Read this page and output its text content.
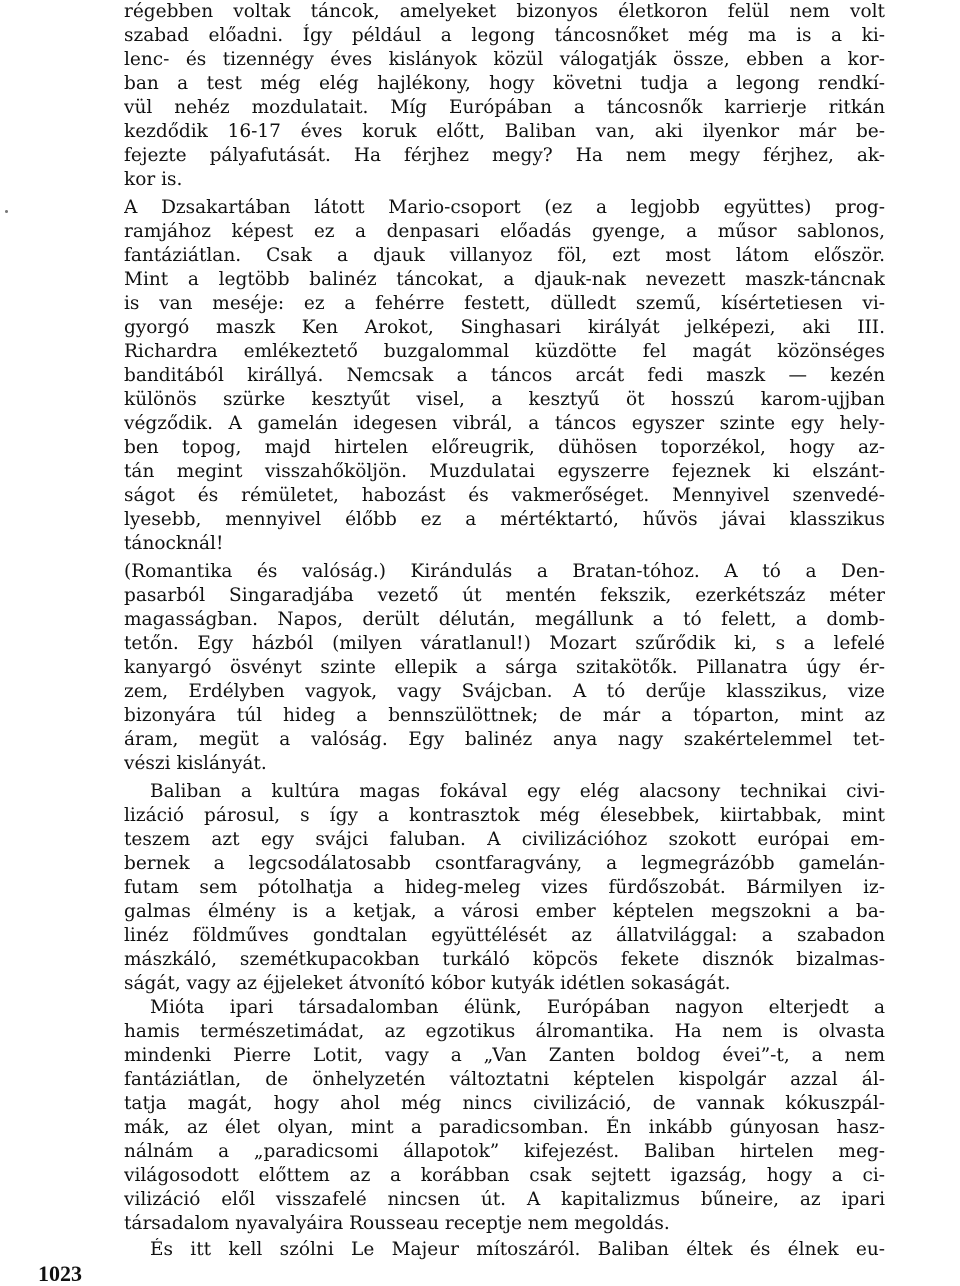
régebben voltak táncok, amelyeket bizonyos életkoron felül nem volt

szabad előadni. Így például a legong táncosnőket még ma is a ki-

lenc- és tizennégy éves kislányok közül válogatják össze, ebben a kor-

ban a test még elég hajlékony, hogy követni tudja a legong rendkí-

vül nehéz mozdulatait. Míg Európában a táncosnők karrierje ritkán

kezdődik 16-17 éves koruk előtt, Baliban van, aki ilyenkor már be-

fejezte pályafutását. Ha férjhez megy? Ha nem megy férjhez, ak-

kor is.

A Dzsakartában látott Mario-csoport (ez a legjobb együttes) prog-

ramjához képest ez a denpasari előadás gyenge, a műsor sablonos,

fantáziátlan. Csak a djauk villanyoz föl, ezt most látom először.

Mint a legtöbb balinéz táncokat, a djauk-nak nevezett maszk-táncnak

is van meséje: ez a fehérre festett, dülledt szemű, kísértetiesen vi-

gyorgó maszk Ken Arokot, Singhasari királyát jelképezi, aki III.

Richardra emlékeztető buzgalommal küzdötte fel magát közönséges

banditából királlyá. Nemcsak a táncos arcát fedi maszk — kezén

különös szürke kesztyűt visel, a kesztyű öt hosszú karom-ujjban

végződik. A gamelán idegesen vibrál, a táncos egyszer szinte egy hely-

ben topog, majd hirtelen előreugrik, dühösen toporzékol, hogy az-

tán megint visszahőköljön. Muzdulatai egyszerre fejeznek ki elszánt-

ságot és rémületet, habozást és vakmerőséget. Mennyivel szenvedé-

lyesebb, mennyivel élőbb ez a mértéktartó, hűvös jávai klasszikus

tánocknál!

(Romantika és valóság.) Kirándulás a Bratan-tóhoz. A tó a Den-

pasarból Singaradjába vezető út mentén fekszik, ezerkétszáz méter

magasságban. Napos, derült délután, megállunk a tó felett, a domb-

tetőn. Egy házból (milyen váratlanul!) Mozart szűrődik ki, s a lefelé

kanyargó ösvényt szinte ellepik a sárga szitakötők. Pillanatra úgy ér-

zem, Erdélyben vagyok, vagy Svájcban. A tó derűje klasszikus, vize

bizonyára túl hideg a bennszülöttnek; de már a tóparton, mint az

áram, megüt a valóság. Egy balinéz anya nagy szakértelemmel tet-

vészi kislányát.

Baliban a kultúra magas fokával egy elég alacsony technikai civi-

lizáció párosul, s így a kontrasztok még élesebbek, kiirtabbak, mint

teszem azt egy svájci faluban. A civilizációhoz szokott európai em-

bernek a legcsodálatosabb csontfaragvány, a legmegrázóbb gamelán-

futam sem pótolhatja a hideg-meleg vizes fürdőszobát. Bármilyen iz-

galmas élmény is a ketjak, a városi ember képtelen megszokni a ba-

linéz földműves gondtalan együttélését az állatvilággal: a szabadon

mászkáló, szemétkupacokban turkáló köpcös fekete disznók bizalmas-

ságát, vagy az éjjeleket átvonító kóbor kutyák idétlen sokaságát.

Mióta ipari társadalomban élünk, Európában nagyon elterjedt a

hamis természetimádat, az egzotikus álromantika. Ha nem is olvasta

mindenki Pierre Lotit, vagy a „Van Zanten boldog évei”-t, a nem

fantáziátlan, de önhelyzetén változtatni képtelen kispolgár azzal ál-

tatja magát, hogy ahol még nincs civilizáció, de vannak kókuszpál-

mák, az élet olyan, mint a paradicsomban. Én inkább gúnyosan hasz-

nálnám a „paradicsomi állapotok” kifejezést. Baliban hirtelen meg-

világosodott előttem az a korábban csak sejtett igazság, hogy a ci-

vilizáció elől visszafelé nincsen út. A kapitalizmus bűneire, az ipari

társadalom nyavalyáira Rousseau receptje nem megoldás.

És itt kell szólni Le Majeur mítoszáról. Baliban éltek és élnek eu-

1023
